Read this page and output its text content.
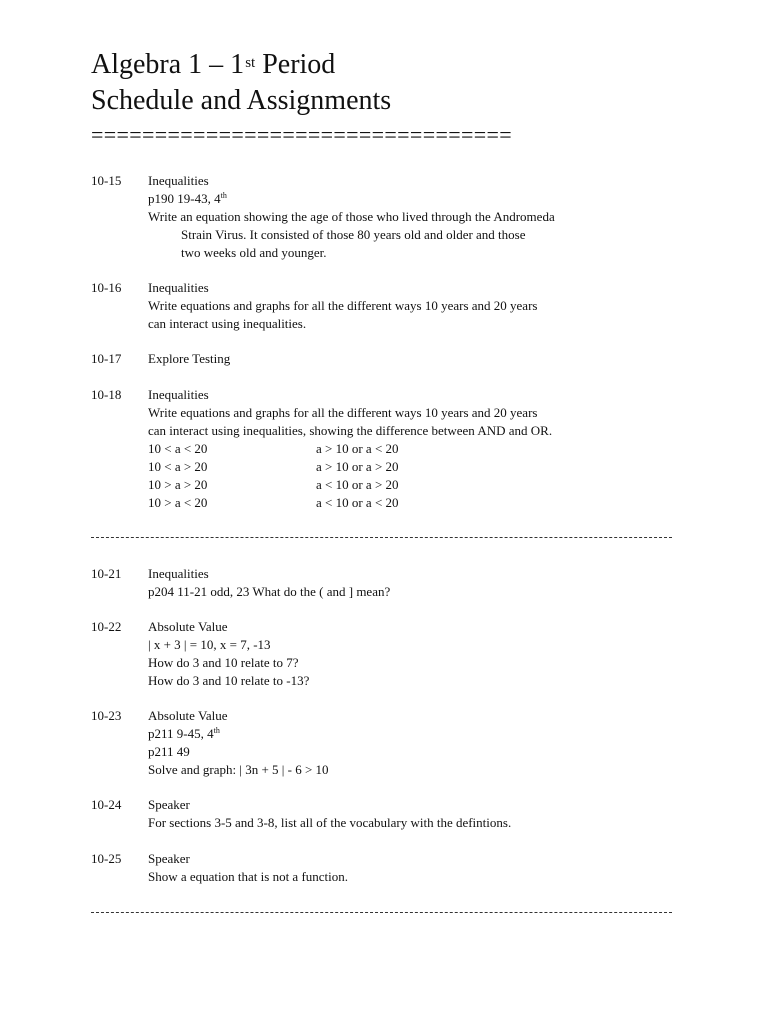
Algebra 1 – 1st Period
Schedule and Assignments
=================================
10-15 Inequalities
p190 19-43, 4th
Write an equation showing the age of those who lived through the Andromeda
Strain Virus. It consisted of those 80 years old and older and those
two weeks old and younger.
10-16 Inequalities
Write equations and graphs for all the different ways 10 years and 20 years
can interact using inequalities.
10-17 Explore Testing
10-18 Inequalities
Write equations and graphs for all the different ways 10 years and 20 years
can interact using inequalities, showing the difference between AND and OR.
10 < a < 20	a > 10 or a < 20
10 < a > 20	a > 10 or a > 20
10 > a > 20	a < 10 or a > 20
10 > a < 20	a < 10 or a < 20
10-21 Inequalities
p204 11-21 odd, 23 What do the ( and ] mean?
10-22 Absolute Value
| x + 3 | = 10, x = 7, -13
How do 3 and 10 relate to 7?
How do 3 and 10 relate to -13?
10-23 Absolute Value
p211 9-45, 4th
p211 49
Solve and graph: | 3n + 5 | - 6 > 10
10-24 Speaker
For sections 3-5 and 3-8, list all of the vocabulary with the defintions.
10-25 Speaker
Show a equation that is not a function.
